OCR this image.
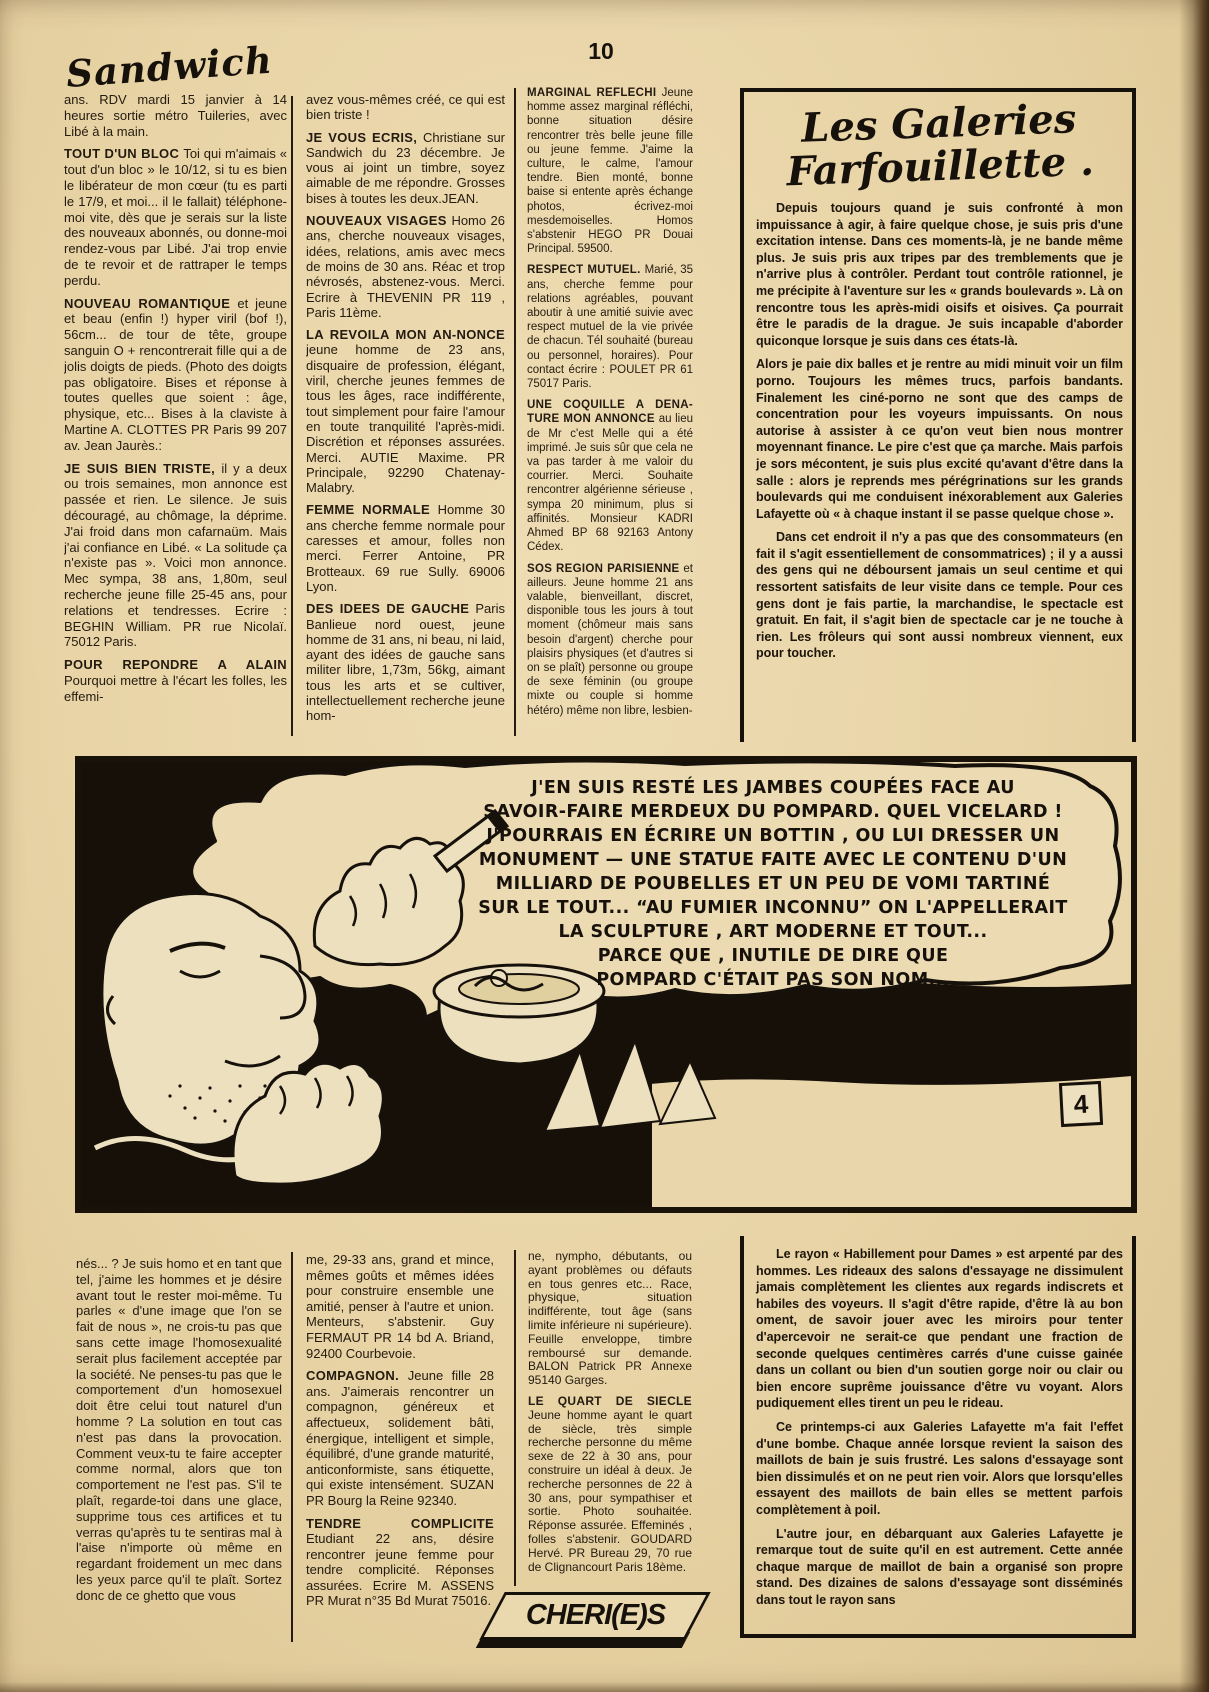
Sandwich	10

ans. RDV mardi 15 janvier à 14 heures sortie métro Tuileries, avec Libé à la main.

TOUT D'UN BLOC Toi qui m'aimais « tout d'un bloc » le 10/12, si tu es bien le libérateur de mon cœur (tu es parti le 17/9, et moi... il le fallait) téléphone-moi vite, dès que je serais sur la liste des nouveaux abonnés, ou donne-moi rendez-vous par Libé. J'ai trop envie de te revoir et de rattraper le temps perdu.

NOUVEAU ROMANTIQUE et jeune et beau (enfin !) hyper viril (bof !), 56cm... de tour de tête, groupe sanguin O + rencontrerait fille qui a de jolis doigts de pieds. (Photo des doigts pas obligatoire. Bises et réponse à toutes quelles que soient : âge, physique, etc... Bises à la claviste à Martine A. CLOTTES PR Paris 99 207 av. Jean Jaurès.:

JE SUIS BIEN TRISTE, il y a deux ou trois semaines, mon annonce est passée et rien. Le silence. Je suis découragé, au chômage, la déprime. J'ai froid dans mon cafarnaüm. Mais j'ai confiance en Libé. « La solitude ça n'existe pas ». Voici mon annonce. Mec sympa, 38 ans, 1,80m, seul recherche jeune fille 25-45 ans, pour relations et tendresses. Ecrire : BEGHIN William. PR rue Nicolaï. 75012 Paris.

POUR REPONDRE A ALAINPourquoi mettre à l'écart les folles, les effemi-

avez vous-mêmes créé, ce qui est bien triste !

JE VOUS ECRIS, Christiane sur Sandwich du 23 décembre. Je vous ai joint un timbre, soyez aimable de me répondre. Grosses bises à toutes les deux.JEAN.

NOUVEAUX VISAGES Homo 26 ans, cherche nouveaux visages, idées, relations, amis avec mecs de moins de 30 ans. Réac et trop névrosés, abstenez-vous. Merci. Ecrire à THEVENIN PR 119 , Paris 11ème.

LA REVOILA MON AN-NONCEjeune homme de 23 ans, disquaire de profession, élégant, viril, cherche jeunes femmes de tous les âges, race indifférente, tout simplement pour faire l'amour en toute tranquilité l'après-midi. Discrétion et réponses assurées. Merci. AUTIE Maxime. PR Principale, 92290 Chatenay-Malabry.

FEMME NORMALE Homme 30 ans cherche femme normale pour caresses et amour, folles non merci. Ferrer Antoine, PR Brotteaux. 69 rue Sully. 69006 Lyon.

DES IDEES DE GAUCHE Paris Banlieue nord ouest, jeune homme de 31 ans, ni beau, ni laid, ayant des idées de gauche sans militer libre, 1,73m, 56kg, aimant tous les arts et se cultiver, intellectuellement recherche jeune hom-

MARGINAL REFLECHI Jeune homme assez marginal réfléchi, bonne situation désire rencontrer très belle jeune fille ou jeune femme. J'aime la culture, le calme, l'amour tendre. Bien monté, bonne baise si entente après échange photos, écrivez-moi mesdemoiselles. Homos s'abstenir HEGO PR Douai Principal. 59500.

RESPECT MUTUEL. Marié, 35 ans, cherche femme pour relations agréables, pouvant aboutir à une amitié suivie avec respect mutuel de la vie privée de chacun. Tél souhaité (bureau ou personnel, horaires). Pour contact écrire : POULET PR 61 75017 Paris.

UNE COQUILLE A DENA-TURE MON ANNONCE au lieu de Mr c'est Melle qui a été imprimé. Je suis sûr que cela ne va pas tarder à me valoir du courrier. Merci. Souhaite rencontrer algérienne sérieuse , sympa 20 minimum, plus si affinités. Monsieur KADRI Ahmed BP 68 92163 Antony Cédex.

SOS REGION PARISIENNE et ailleurs. Jeune homme 21 ans valable, bienveillant, discret, disponible tous les jours à tout moment (chômeur mais sans besoin d'argent) cherche pour plaisirs physiques (et d'autres si on se plaît) personne ou groupe de sexe féminin (ou groupe mixte ou couple si homme hétéro) même non libre, lesbien-

Les Galeries
Farfouillette .

Depuis toujours quand je suis confronté à mon impuissance à agir, à faire quelque chose, je suis pris d'une excitation intense. Dans ces moments-là, je ne bande même plus. Je suis pris aux tripes par des tremblements que je n'arrive plus à contrôler. Perdant tout contrôle rationnel, je me précipite à l'aventure sur les « grands boulevards ». Là on rencontre tous les après-midi oisifs et oisives. Ça pourrait être le paradis de la drague. Je suis incapable d'aborder quiconque lorsque je suis dans ces états-là.

Alors je paie dix balles et je rentre au midi minuit voir un film porno. Toujours les mêmes trucs, parfois bandants. Finalement les ciné-porno ne sont que des camps de concentration pour les voyeurs impuissants. On nous autorise à assister à ce qu'on veut bien nous montrer moyennant finance. Le pire c'est que ça marche. Mais parfois je sors mécontent, je suis plus excité qu'avant d'être dans la salle : alors je reprends mes pérégrinations sur les grands boulevards qui me conduisent inéxorablement aux Galeries Lafayette où « à chaque instant il se passe quelque chose ».

Dans cet endroit il n'y a pas que des consommateurs (en fait il s'agit essentiellement de consommatrices) ; il y a aussi des gens qui ne déboursent jamais un seul centime et qui ressortent satisfaits de leur visite dans ce temple. Pour ces gens dont je fais partie, la marchandise, le spectacle est gratuit. En fait, il s'agit bien de spectacle car je ne touche à rien. Les frôleurs qui sont aussi nombreux viennent, eux pour toucher.

J'EN SUIS RESTÉ LES JAMBES COUPÉES FACE AU
SAVOIR-FAIRE MERDEUX DU POMPARD. QUEL VICELARD !
J'POURRAIS EN ÉCRIRE UN BOTTIN , OU LUI DRESSER UN
MONUMENT — UNE STATUE FAITE AVEC LE CONTENU D'UN
MILLIARD DE POUBELLES ET UN PEU DE VOMI TARTINÉ
SUR LE TOUT... “AU FUMIER INCONNU” ON L'APPELLERAIT
LA SCULPTURE , ART MODERNE ET TOUT...
PARCE QUE , INUTILE DE DIRE QUE
POMPARD C'ÉTAIT PAS SON NOM...
4

nés... ? Je suis homo et en tant que tel, j'aime les hommes et je désire avant tout le rester moi-même. Tu parles « d'une image que l'on se fait de nous », ne crois-tu pas que sans cette image l'homosexualité serait plus facilement acceptée par la société. Ne penses-tu pas que le comportement d'un homosexuel doit être celui tout naturel d'un homme ? La solution en tout cas n'est pas dans la provocation. Comment veux-tu te faire accepter comme normal, alors que ton comportement ne l'est pas. S'il te plaît, regarde-toi dans une glace, supprime tous ces artifices et tu verras qu'après tu te sentiras mal à l'aise n'importe où même en regardant froidement un mec dans les yeux parce qu'il te plaît. Sortez donc de ce ghetto que vous

me, 29-33 ans, grand et mince, mêmes goûts et mêmes idées pour construire ensemble une amitié, penser à l'autre et union. Menteurs, s'abstenir. Guy FERMAUT PR 14 bd A. Briand, 92400 Courbevoie.

COMPAGNON. Jeune fille 28 ans. J'aimerais rencontrer un compagnon, généreux et affectueux, solidement bâti, énergique, intelligent et simple, équilibré, d'une grande maturité, anticonformiste, sans étiquette, qui existe intensément. SUZAN PR Bourg la Reine 92340.

TENDRE COMPLICITEEtudiant 22 ans, désire rencontrer jeune femme pour tendre complicité. Réponses assurées. Ecrire M. ASSENS PR Murat n°35 Bd Murat 75016.

ne, nympho, débutants, ou ayant problèmes ou défauts en tous genres etc... Race, physique, situation indifférente, tout âge (sans limite inférieure ni supérieure). Feuille enveloppe, timbre remboursé sur demande. BALON Patrick PR Annexe 95140 Garges.

LE QUART DE SIECLEJeune homme ayant le quart de siècle, très simple recherche personne du même sexe de 22 à 30 ans, pour construire un idéal à deux. Je recherche personnes de 22 à 30 ans, pour sympathiser et sortie. Photo souhaitée. Réponse assurée. Effeminés , folles s'abstenir. GOUDARD Hervé. PR Bureau 29, 70 rue de Clignancourt Paris 18ème.

CHERI(E)S

Le rayon « Habillement pour Dames » est arpenté par des hommes. Les rideaux des salons d'essayage ne dissimulent jamais complètement les clientes aux regards indiscrets et habiles des voyeurs. Il s'agit d'être rapide, d'être là au bon oment, de savoir jouer avec les miroirs pour tenter d'apercevoir ne serait-ce que pendant une fraction de seconde quelques centimères carrés d'une cuisse gainée dans un collant ou bien d'un soutien gorge noir ou clair ou bien encore suprême jouissance d'être vu voyant. Alors pudiquement elles tirent un peu le rideau.

Ce printemps-ci aux Galeries Lafayette m'a fait l'effet d'une bombe. Chaque année lorsque revient la saison des maillots de bain je suis frustré. Les salons d'essayage sont bien dissimulés et on ne peut rien voir. Alors que lorsqu'elles essayent des maillots de bain elles se mettent parfois complètement à poil.

L'autre jour, en débarquant aux Galeries Lafayette je remarque tout de suite qu'il en est autrement. Cette année chaque marque de maillot de bain a organisé son propre stand. Des dizaines de salons d'essayage sont disséminés dans tout le rayon sans
